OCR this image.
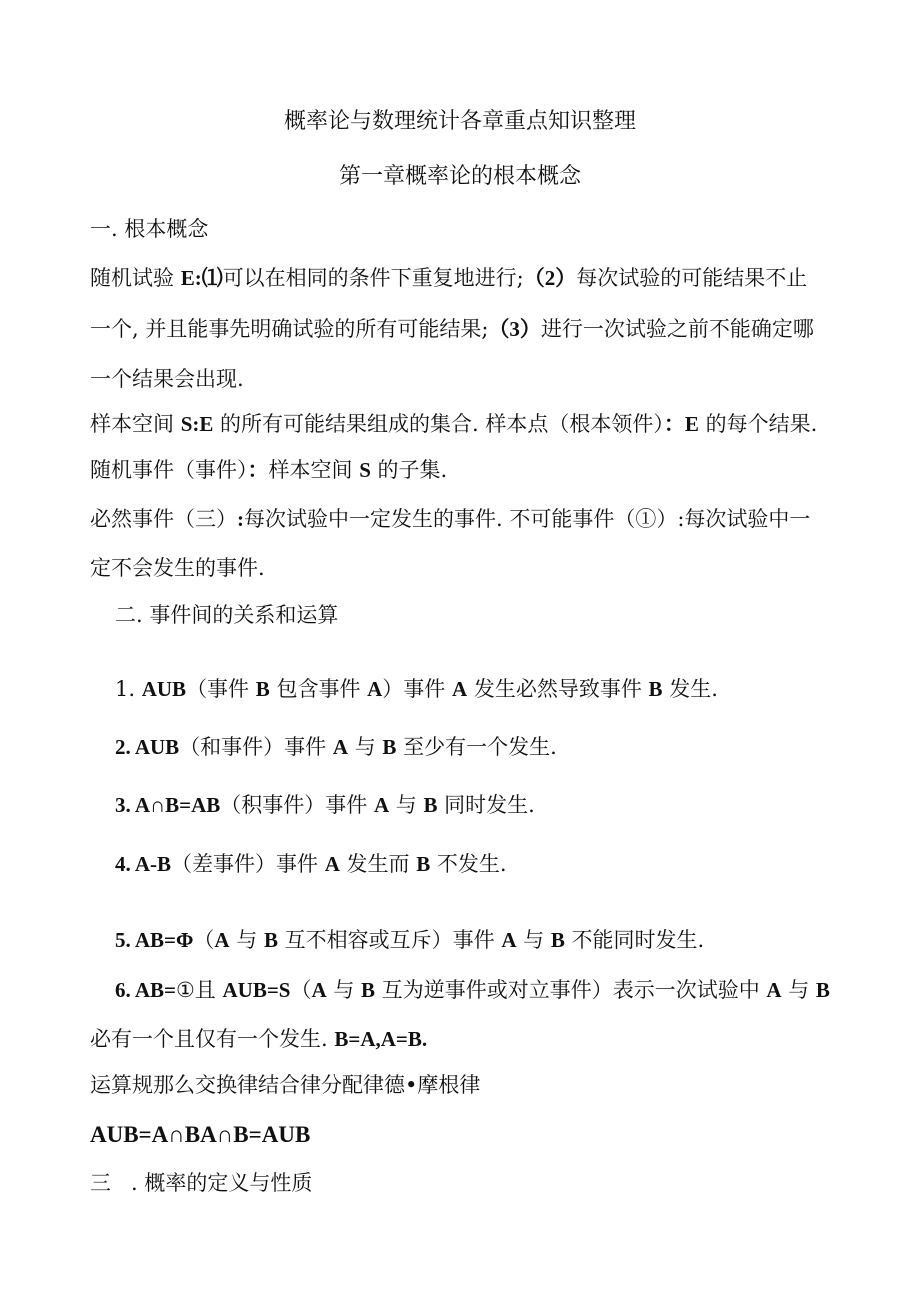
概率论与数理统计各章重点知识整理
第一章概率论的根本概念
一. 根本概念
随机试验 E:⑴可以在相同的条件下重复地进行;（2）每次试验的可能结果不止
一个, 并且能事先明确试验的所有可能结果;（3）进行一次试验之前不能确定哪
一个结果会出现.
样本空间 S:E 的所有可能结果组成的集合. 样本点（根本领件）：E 的每个结果.
随机事件（事件）：样本空间 S 的子集.
必然事件（三）:每次试验中一定发生的事件. 不可能事件（①）:每次试验中一
定不会发生的事件.
二. 事件间的关系和运算
1. AUB（事件 B 包含事件 A）事件 A 发生必然导致事件 B 发生.
2. AUB（和事件）事件 A 与 B 至少有一个发生.
3. A∩B=AB（积事件）事件 A 与 B 同时发生.
4. A-B（差事件）事件 A 发生而 B 不发生.
5. AB=Φ（A 与 B 互不相容或互斥）事件 A 与 B 不能同时发生.
6. AB=①且 AUB=S（A 与 B 互为逆事件或对立事件）表示一次试验中 A 与 B
必有一个且仅有一个发生. B=A,A=B.
运算规那么交换律结合律分配律德•摩根律
AUB=A∩BA∩B=AUB
三   . 概率的定义与性质
